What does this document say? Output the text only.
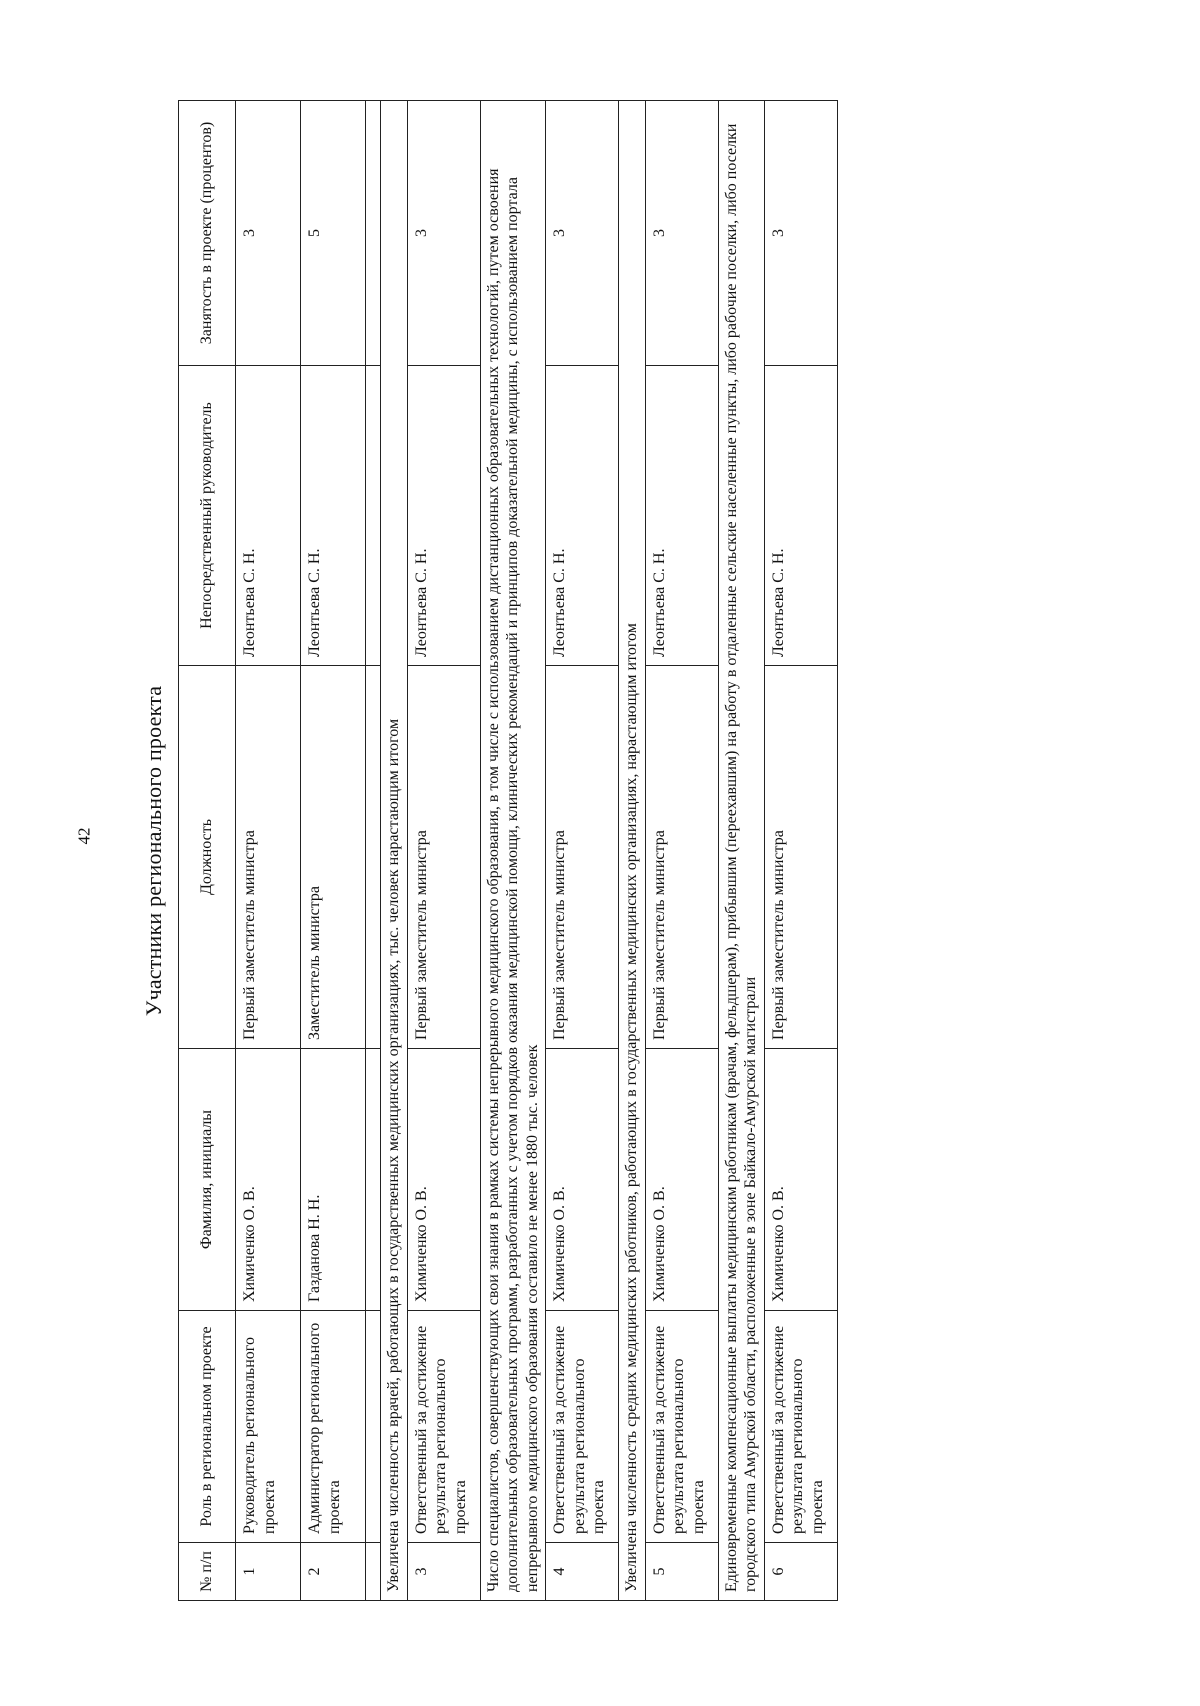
42	Участники регионального проекта
№ п/п	Роль в региональном проекте	Фамилия, инициалы	Должность	Непосредственный руководитель	Занятость в проекте (процентов)
1	Руководитель регионального проекта	Химиченко О. В.	Первый заместитель министра	Леонтьева С. Н.	3
2	Администратор регионального проекта	Газданова Н. Н.	Заместитель министра	Леонтьева С. Н.	5

Увеличена численность врачей, работающих в государственных медицинских организациях, тыс. человек нарастающим итогом					
3	Ответственный за достижение результата регионального проекта	Химиченко О. В.	Первый заместитель министра	Леонтьева С. Н.	3
Число специалистов, совершенствующих свои знания в рамках системы непрерывного медицинского образования, в том числе с использованием дистанционных образовательных технологий, путем освоения дополнительных образовательных программ, разработанных с учетом порядков оказания медицинской помощи, клинических рекомендаций и принципов доказательной медицины, с использованием портала непрерывного медицинского образования составило не менее 1880 тыс. человек					
4	Ответственный за достижение результата регионального проекта	Химиченко О. В.	Первый заместитель министра	Леонтьева С. Н.	3
Увеличена численность средних медицинских работников, работающих в государственных медицинских организациях, нарастающим итогом					
5	Ответственный за достижение результата регионального проекта	Химиченко О. В.	Первый заместитель министра	Леонтьева С. Н.	3
Единовременные компенсационные выплаты медицинским работникам (врачам, фельдшерам), прибывшим (переехавшим) на работу в отдаленные сельские населенные пункты, либо рабочие поселки, либо поселки городского типа Амурской области, расположенные в зоне Байкало-Амурской магистрали					
6	Ответственный за достижение результата регионального проекта	Химиченко О. В.	Первый заместитель министра	Леонтьева С. Н.	3
